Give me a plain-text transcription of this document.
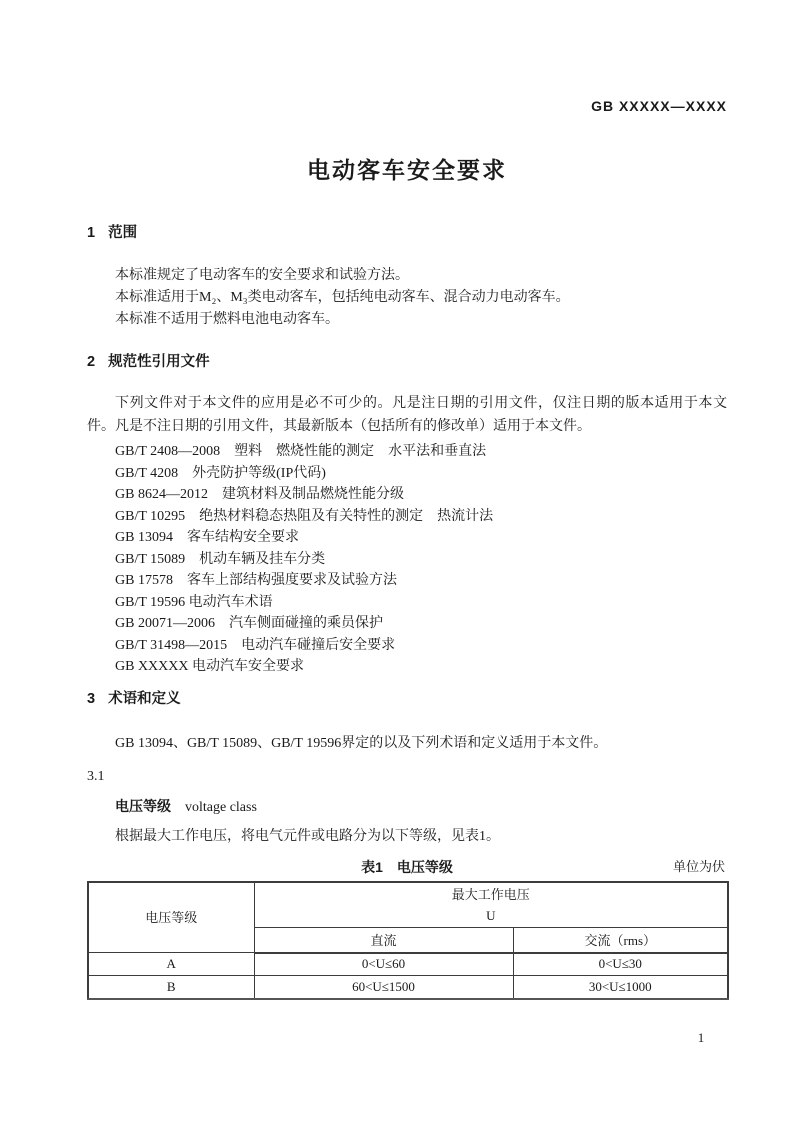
GB XXXXX—XXXX
电动客车安全要求
1 范围

本标准规定了电动客车的安全要求和试验方法。

本标准适用于M₂、M₃类电动客车，包括纯电动客车、混合动力电动客车。

本标准不适用于燃料电池电动客车。

2 规范性引用文件

下列文件对于本文件的应用是必不可少的。凡是注日期的引用文件，仅注日期的版本适用于本文件。凡是不注日期的引用文件，其最新版本（包括所有的修改单）适用于本文件。

GB/T 2408—2008　塑料　燃烧性能的测定　水平法和垂直法

GB/T 4208　外壳防护等级(IP代码)

GB 8624—2012　建筑材料及制品燃烧性能分级

GB/T 10295　绝热材料稳态热阻及有关特性的测定　热流计法

GB 13094　客车结构安全要求

GB/T 15089　机动车辆及挂车分类

GB 17578　客车上部结构强度要求及试验方法

GB/T 19596 电动汽车术语

GB 20071—2006　汽车侧面碰撞的乘员保护

GB/T 31498—2015　电动汽车碰撞后安全要求

GB XXXXX 电动汽车安全要求

3 术语和定义

GB 13094、GB/T 15089、GB/T 19596界定的以及下列术语和定义适用于本文件。

3.1

电压等级 voltage class

根据最大工作电压，将电气元件或电路分为以下等级，见表1。

表1　电压等级	单位为伏
电压等级	最大工作电压
U	

	直流	交流（rms）
A	0<U≤60	0<U≤30
B	60<U≤1500	30<U≤1000
1
